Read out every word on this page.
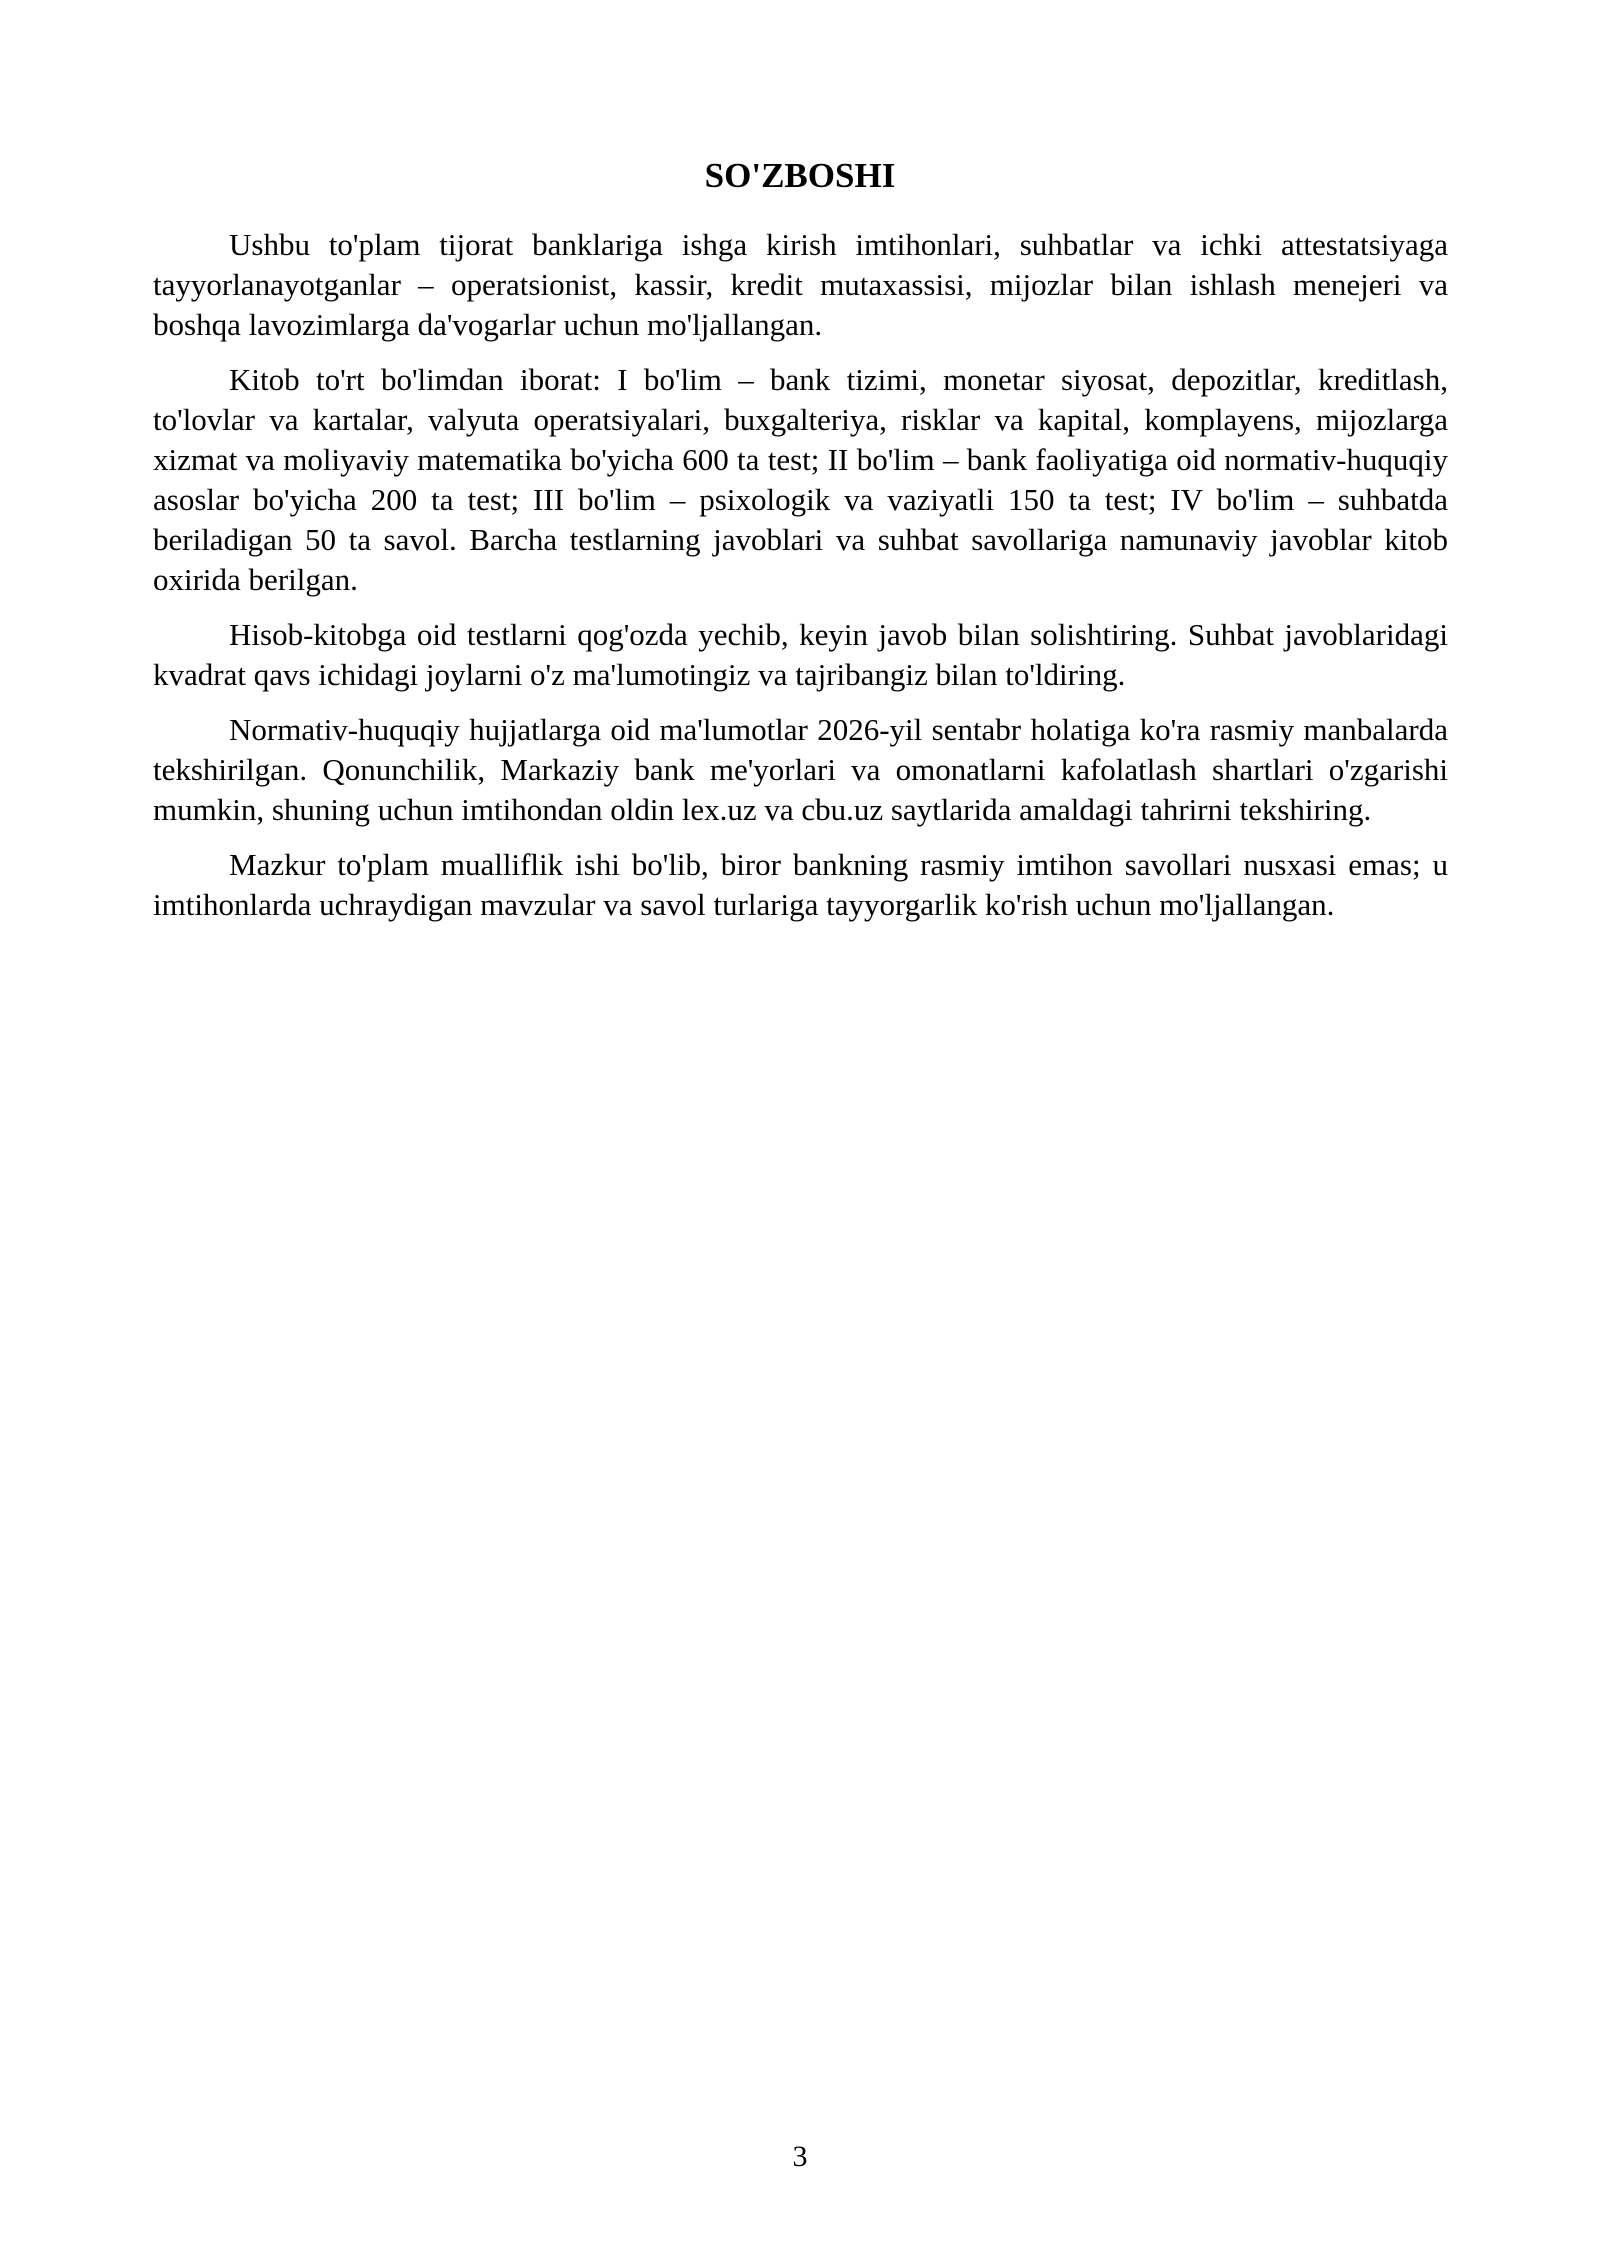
SO'ZBOSHI

Ushbu to'plam tijorat banklariga ishga kirish imtihonlari, suhbatlar va ichki attestatsiyaga tayyorlanayotganlar – operatsionist, kassir, kredit mutaxassisi, mijozlar bilan ishlash menejeri va boshqa lavozimlarga da'vogarlar uchun mo'ljallangan.

Kitob to'rt bo'limdan iborat: I bo'lim – bank tizimi, monetar siyosat, depozitlar, kreditlash, to'lovlar va kartalar, valyuta operatsiyalari, buxgalteriya, risklar va kapital, komplayens, mijozlarga xizmat va moliyaviy matematika bo'yicha 600 ta test; II bo'lim – bank faoliyatiga oid normativ-huquqiy asoslar bo'yicha 200 ta test; III bo'lim – psixologik va vaziyatli 150 ta test; IV bo'lim – suhbatda beriladigan 50 ta savol. Barcha testlarning javoblari va suhbat savollariga namunaviy javoblar kitob oxirida berilgan.

Hisob-kitobga oid testlarni qog'ozda yechib, keyin javob bilan solishtiring. Suhbat javoblaridagi kvadrat qavs ichidagi joylarni o'z ma'lumotingiz va tajribangiz bilan to'ldiring.

Normativ-huquqiy hujjatlarga oid ma'lumotlar 2026-yil sentabr holatiga ko'ra rasmiy manbalarda tekshirilgan. Qonunchilik, Markaziy bank me'yorlari va omonatlarni kafolatlash shartlari o'zgarishi mumkin, shuning uchun imtihondan oldin lex.uz va cbu.uz saytlarida amaldagi tahrirni tekshiring.

Mazkur to'plam mualliflik ishi bo'lib, biror bankning rasmiy imtihon savollari nusxasi emas; u imtihonlarda uchraydigan mavzular va savol turlariga tayyorgarlik ko'rish uchun mo'ljallangan.

3
